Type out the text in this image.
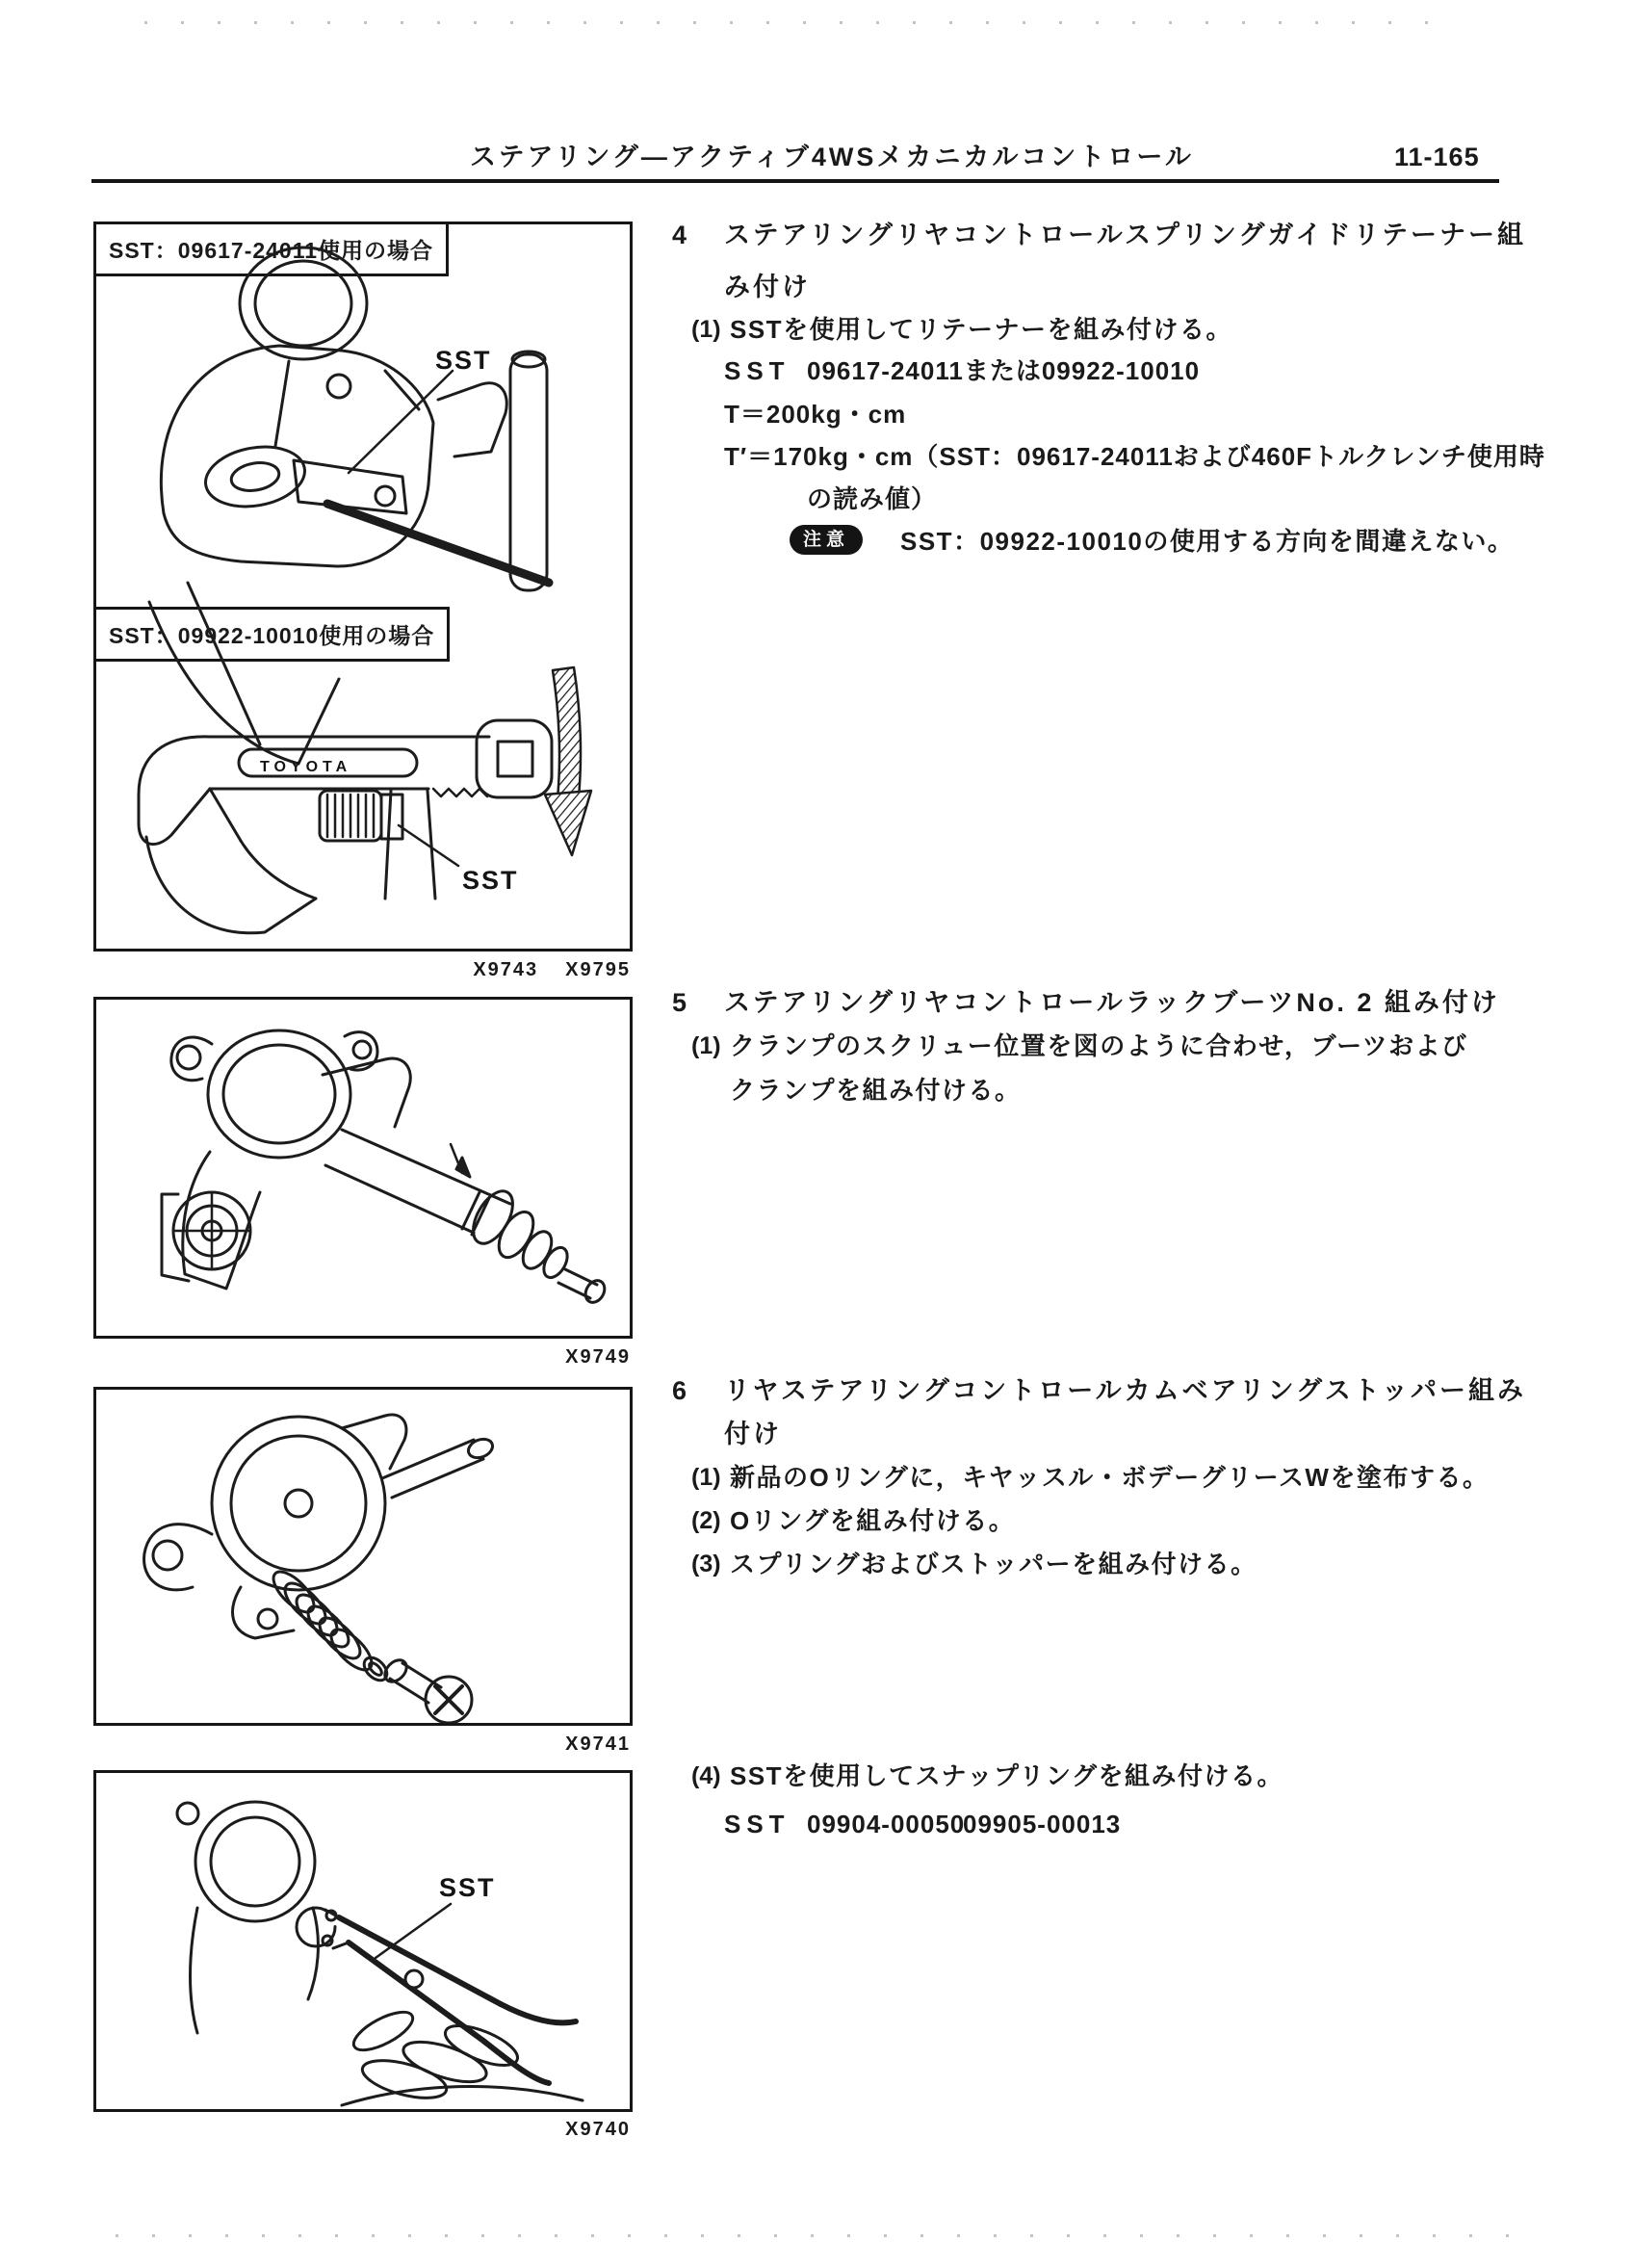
ステアリング—アクティブ4WSメカニカルコントロール	11-165
SST：09617-24011使用の場合
SST：09922-10010使用の場合
SST
TOYOTA
SST
X9743 X9795
X9749
X9741
SST
X9740
4 ステアリングリヤコントロールスプリングガイドリテーナー組
み付け
(1) SSTを使用してリテーナーを組み付ける。
SST 09617-24011または09922-10010
T＝200kg・cm
T′＝170kg・cm（SST：09617-24011および460Fトルクレンチ使用時
の読み値）
注意	SST：09922-10010の使用する方向を間違えない。
5 ステアリングリヤコントロールラックブーツNo. 2 組み付け
(1) クランプのスクリュー位置を図のように合わせ，ブーツおよび
クランプを組み付ける。
6 リヤステアリングコントロールカムベアリングストッパー組み
付け
(1) 新品のOリングに，キヤッスル・ボデーグリースWを塗布する。
(2) Oリングを組み付ける。
(3) スプリングおよびストッパーを組み付ける。
(4) SSTを使用してスナップリングを組み付ける。
SST 09904-00050
09905-00013
